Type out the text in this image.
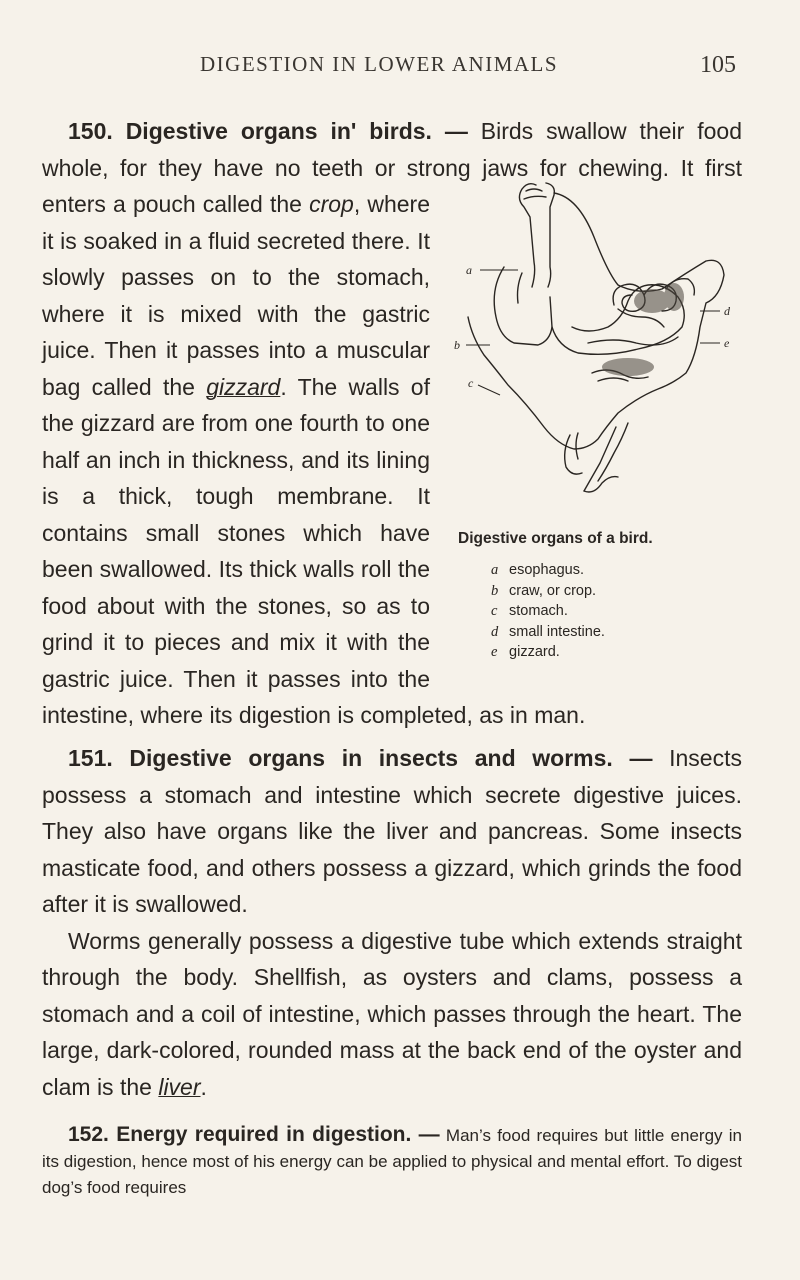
DIGESTION IN LOWER ANIMALS	105
a
b
c
d
e
Digestive organs of a bird.
a esophagus.
b craw, or crop.
c stomach.
d small intestine.
e gizzard.

150. Digestive organs in' birds. — Birds swallow their food whole, for they have no teeth or strong jaws for chewing. It first enters a pouch called the crop, where it is soaked in a fluid secreted there. It slowly passes on to the stomach, where it is mixed with the gastric juice. Then it passes into a muscular bag called the gizzard. The walls of the gizzard are from one fourth to one half an inch in thickness, and its lining is a thick, tough membrane. It contains small stones which have been swallowed. Its thick walls roll the food about with the stones, so as to grind it to pieces and mix it with the gastric juice. Then it passes into the intestine, where its digestion is completed, as in man.

151. Digestive organs in insects and worms. — Insects possess a stomach and intestine which secrete digestive juices. They also have organs like the liver and pancreas. Some insects masticate food, and others possess a gizzard, which grinds the food after it is swallowed.

Worms generally possess a digestive tube which extends straight through the body. Shellfish, as oysters and clams, possess a stomach and a coil of intestine, which passes through the heart. The large, dark-colored, rounded mass at the back end of the oyster and clam is the liver.

152. Energy required in digestion. — Man’s food requires but little energy in its digestion, hence most of his energy can be applied to physical and mental effort. To digest dog’s food requires
